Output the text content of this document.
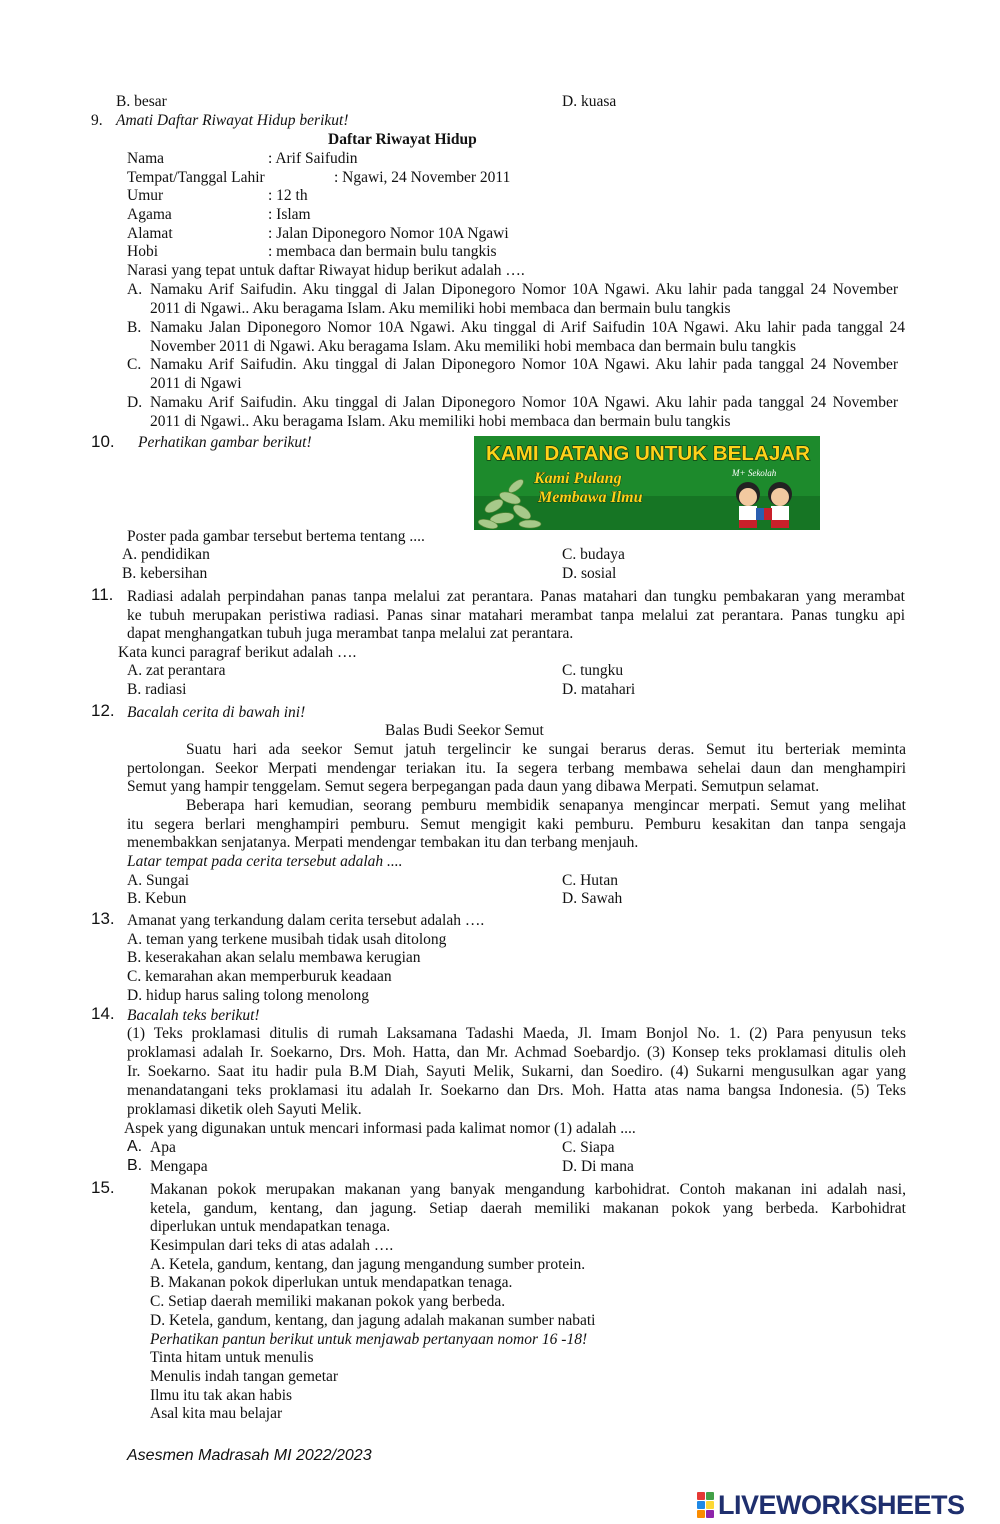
B. besar	D. kuasa
9. Amati Daftar Riwayat Hidup berikut!
Daftar Riwayat Hidup
Nama	: Arif Saifudin
Tempat/Tanggal Lahir	: Ngawi, 24 November 2011
Umur	: 12 th
Agama	: Islam
Alamat	: Jalan Diponegoro Nomor 10A Ngawi
Hobi	: membaca dan bermain bulu tangkis
Narasi yang tepat untuk daftar Riwayat hidup berikut adalah ….
A. Namaku Arif Saifudin. Aku tinggal di Jalan Diponegoro Nomor 10A Ngawi. Aku lahir pada tanggal 24 November
2011 di Ngawi.. Aku beragama Islam. Aku memiliki hobi membaca dan bermain bulu tangkis
B. Namaku Jalan Diponegoro Nomor 10A Ngawi. Aku tinggal di Arif Saifudin 10A Ngawi. Aku lahir pada tanggal 24
November 2011 di Ngawi. Aku beragama Islam. Aku memiliki hobi membaca dan bermain bulu tangkis
C. Namaku Arif Saifudin. Aku tinggal di Jalan Diponegoro Nomor 10A Ngawi. Aku lahir pada tanggal 24 November
2011 di Ngawi
D. Namaku Arif Saifudin. Aku tinggal di Jalan Diponegoro Nomor 10A Ngawi. Aku lahir pada tanggal 24 November
2011 di Ngawi.. Aku beragama Islam. Aku memiliki hobi membaca dan bermain bulu tangkis
10. Perhatikan gambar berikut!
KAMI DATANG UNTUK BELAJAR
Kami Pulang
Membawa Ilmu
M+ Sekolah
Poster pada gambar tersebut bertema tentang ....
A. pendidikan	C. budaya
B. kebersihan	D. sosial
11. Radiasi adalah perpindahan panas tanpa melalui zat perantara. Panas matahari dan tungku pembakaran yang merambat
ke tubuh merupakan peristiwa radiasi. Panas sinar matahari merambat tanpa melalui zat perantara. Panas tungku api
dapat menghangatkan tubuh juga merambat tanpa melalui zat perantara.
Kata kunci paragraf berikut adalah ….
A. zat perantara	C. tungku
B. radiasi	D. matahari
12. Bacalah cerita di bawah ini!
Balas Budi Seekor Semut
Suatu hari ada seekor Semut jatuh tergelincir ke sungai berarus deras. Semut itu berteriak meminta
pertolongan. Seekor Merpati mendengar teriakan itu. Ia segera terbang membawa sehelai daun dan menghampiri
Semut yang hampir tenggelam. Semut segera berpegangan pada daun yang dibawa Merpati. Semutpun selamat.
Beberapa hari kemudian, seorang pemburu membidik senapanya mengincar merpati. Semut yang melihat
itu segera berlari menghampiri pemburu. Semut mengigit kaki pemburu. Pemburu kesakitan dan tanpa sengaja
menembakkan senjatanya. Merpati mendengar tembakan itu dan terbang menjauh.
Latar tempat pada cerita tersebut adalah ....
A. Sungai	C. Hutan
B. Kebun	D. Sawah
13. Amanat yang terkandung dalam cerita tersebut adalah ….
A. teman yang terkene musibah tidak usah ditolong
B. keserakahan akan selalu membawa kerugian
C. kemarahan akan memperburuk keadaan
D. hidup harus saling tolong menolong
14. Bacalah teks berikut!
(1) Teks proklamasi ditulis di rumah Laksamana Tadashi Maeda, Jl. Imam Bonjol No. 1. (2) Para penyusun teks
proklamasi adalah Ir. Soekarno, Drs. Moh. Hatta, dan Mr. Achmad Soebardjo. (3) Konsep teks proklamasi ditulis oleh
Ir. Soekarno. Saat itu hadir pula B.M Diah, Sayuti Melik, Sukarni, dan Soediro. (4) Sukarni mengusulkan agar yang
menandatangani teks proklamasi itu adalah Ir. Soekarno dan Drs. Moh. Hatta atas nama bangsa Indonesia. (5) Teks
proklamasi diketik oleh Sayuti Melik.
Aspek yang digunakan untuk mencari informasi pada kalimat nomor (1) adalah ....
A. Apa	C. Siapa
B. Mengapa	D. Di mana
15. Makanan pokok merupakan makanan yang banyak mengandung karbohidrat. Contoh makanan ini adalah nasi,
ketela, gandum, kentang, dan jagung. Setiap daerah memiliki makanan pokok yang berbeda. Karbohidrat
diperlukan untuk mendapatkan tenaga.
Kesimpulan dari teks di atas adalah ….
A. Ketela, gandum, kentang, dan jagung mengandung sumber protein.
B. Makanan pokok diperlukan untuk mendapatkan tenaga.
C. Setiap daerah memiliki makanan pokok yang berbeda.
D. Ketela, gandum, kentang, dan jagung adalah makanan sumber nabati
Perhatikan pantun berikut untuk menjawab pertanyaan nomor 16 -18!
Tinta hitam untuk menulis
Menulis indah tangan gemetar
Ilmu itu tak akan habis
Asal kita mau belajar
Asesmen Madrasah MI 2022/2023
LIVEWORKSHEETS
